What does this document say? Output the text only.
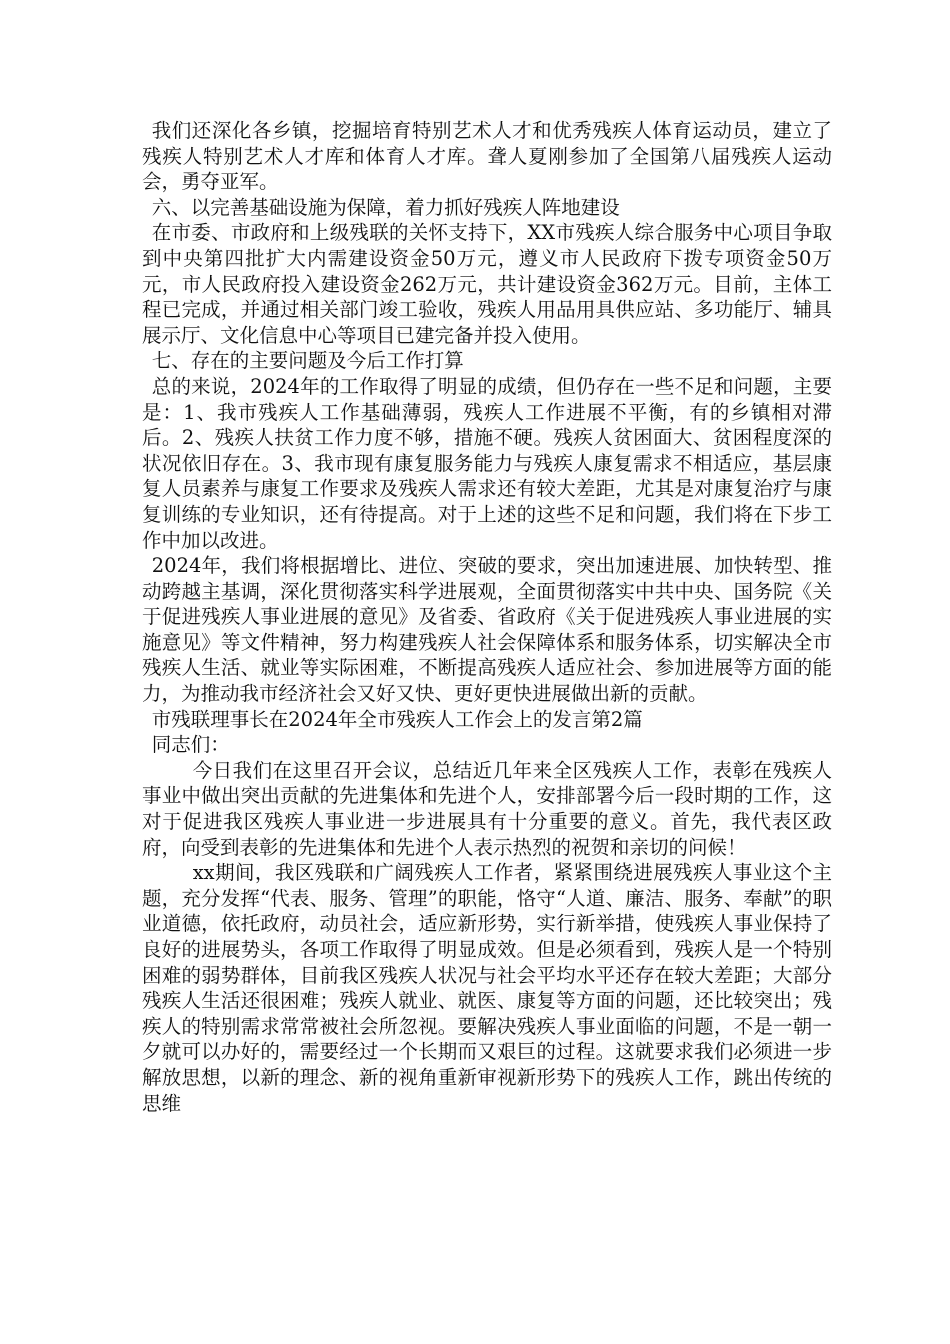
我们还深化各乡镇，挖掘培育特别艺术人才和优秀残疾人体育运动员，建立了残疾人特别艺术人才库和体育人才库。聋人夏刚参加了全国第八届残疾人运动会，勇夺亚军。

六、以完善基础设施为保障，着力抓好残疾人阵地建设

在市委、市政府和上级残联的关怀支持下，XX市残疾人综合服务中心项目争取到中央第四批扩大内需建设资金50万元，遵义市人民政府下拨专项资金50万元，市人民政府投入建设资金262万元，共计建设资金362万元。目前，主体工程已完成，并通过相关部门竣工验收，残疾人用品用具供应站、多功能厅、辅具展示厅、文化信息中心等项目已建完备并投入使用。

七、存在的主要问题及今后工作打算

总的来说，2024年的工作取得了明显的成绩，但仍存在一些不足和问题，主要是：1、我市残疾人工作基础薄弱，残疾人工作进展不平衡，有的乡镇相对滞后。2、残疾人扶贫工作力度不够，措施不硬。残疾人贫困面大、贫困程度深的状况依旧存在。3、我市现有康复服务能力与残疾人康复需求不相适应，基层康复人员素养与康复工作要求及残疾人需求还有较大差距，尤其是对康复治疗与康复训练的专业知识，还有待提高。对于上述的这些不足和问题，我们将在下步工作中加以改进。

2024年，我们将根据增比、进位、突破的要求，突出加速进展、加快转型、推动跨越主基调，深化贯彻落实科学进展观，全面贯彻落实中共中央、国务院《关于促进残疾人事业进展的意见》及省委、省政府《关于促进残疾人事业进展的实施意见》等文件精神，努力构建残疾人社会保障体系和服务体系，切实解决全市残疾人生活、就业等实际困难，不断提高残疾人适应社会、参加进展等方面的能力，为推动我市经济社会又好又快、更好更快进展做出新的贡献。

市残联理事长在2024年全市残疾人工作会上的发言第2篇

同志们：

今日我们在这里召开会议，总结近几年来全区残疾人工作，表彰在残疾人事业中做出突出贡献的先进集体和先进个人，安排部署今后一段时期的工作，这对于促进我区残疾人事业进一步进展具有十分重要的意义。首先，我代表区政府，向受到表彰的先进集体和先进个人表示热烈的祝贺和亲切的问候！

xx期间，我区残联和广阔残疾人工作者，紧紧围绕进展残疾人事业这个主题，充分发挥“代表、服务、管理”的职能，恪守“人道、廉洁、服务、奉献”的职业道德，依托政府，动员社会，适应新形势，实行新举措，使残疾人事业保持了良好的进展势头，各项工作取得了明显成效。但是必须看到，残疾人是一个特别困难的弱势群体，目前我区残疾人状况与社会平均水平还存在较大差距；大部分残疾人生活还很困难；残疾人就业、就医、康复等方面的问题，还比较突出；残疾人的特别需求常常被社会所忽视。要解决残疾人事业面临的问题，不是一朝一夕就可以办好的，需要经过一个长期而又艰巨的过程。这就要求我们必须进一步解放思想，以新的理念、新的视角重新审视新形势下的残疾人工作，跳出传统的思维
